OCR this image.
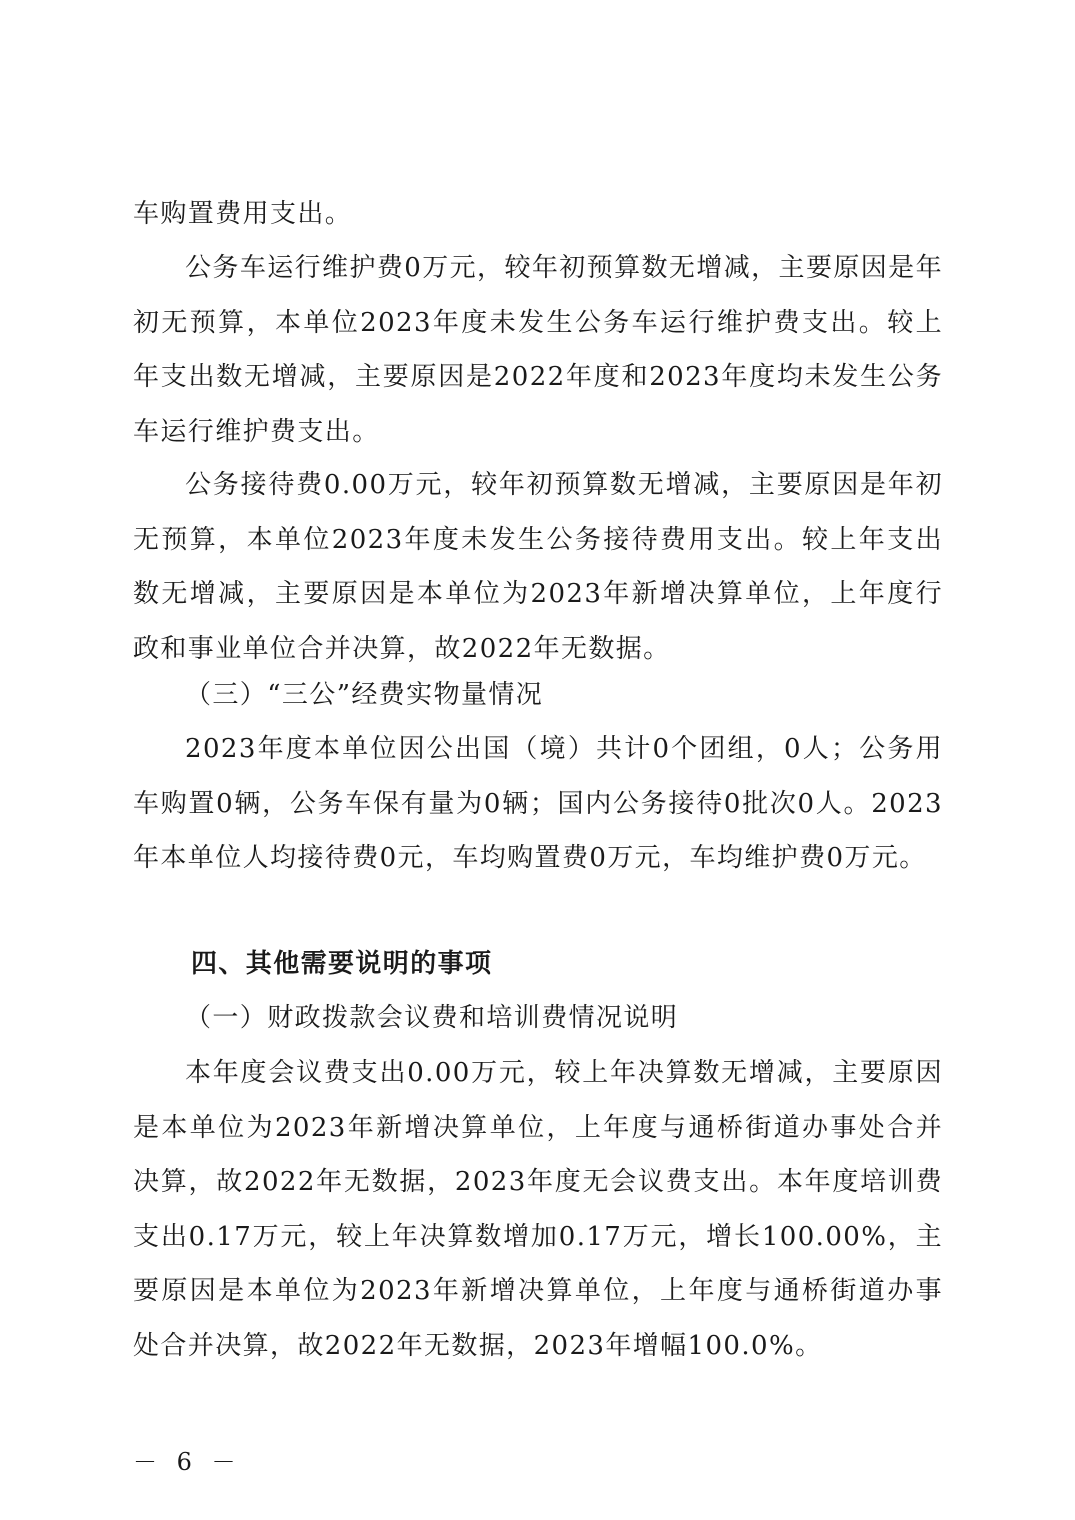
车购置费用支出。

公务车运行维护费0万元，较年初预算数无增减，主要原因是年初无预算，本单位2023年度未发生公务车运行维护费支出。较上年支出数无增减，主要原因是2022年度和2023年度均未发生公务车运行维护费支出。

公务接待费0.00万元，较年初预算数无增减，主要原因是年初无预算，本单位2023年度未发生公务接待费用支出。较上年支出数无增减，主要原因是本单位为2023年新增决算单位，上年度行政和事业单位合并决算，故2022年无数据。

（三）“三公”经费实物量情况

2023年度本单位因公出国（境）共计0个团组，0人；公务用车购置0辆，公务车保有量为0辆；国内公务接待0批次0人。2023年本单位人均接待费0元，车均购置费0万元，车均维护费0万元。

四、其他需要说明的事项

（一）财政拨款会议费和培训费情况说明

本年度会议费支出0.00万元，较上年决算数无增减，主要原因是本单位为2023年新增决算单位，上年度与通桥街道办事处合并决算，故2022年无数据，2023年度无会议费支出。本年度培训费支出0.17万元，较上年决算数增加0.17万元，增长100.00%，主要原因是本单位为2023年新增决算单位，上年度与通桥街道办事处合并决算，故2022年无数据，2023年增幅100.0%。

－ 6 －
